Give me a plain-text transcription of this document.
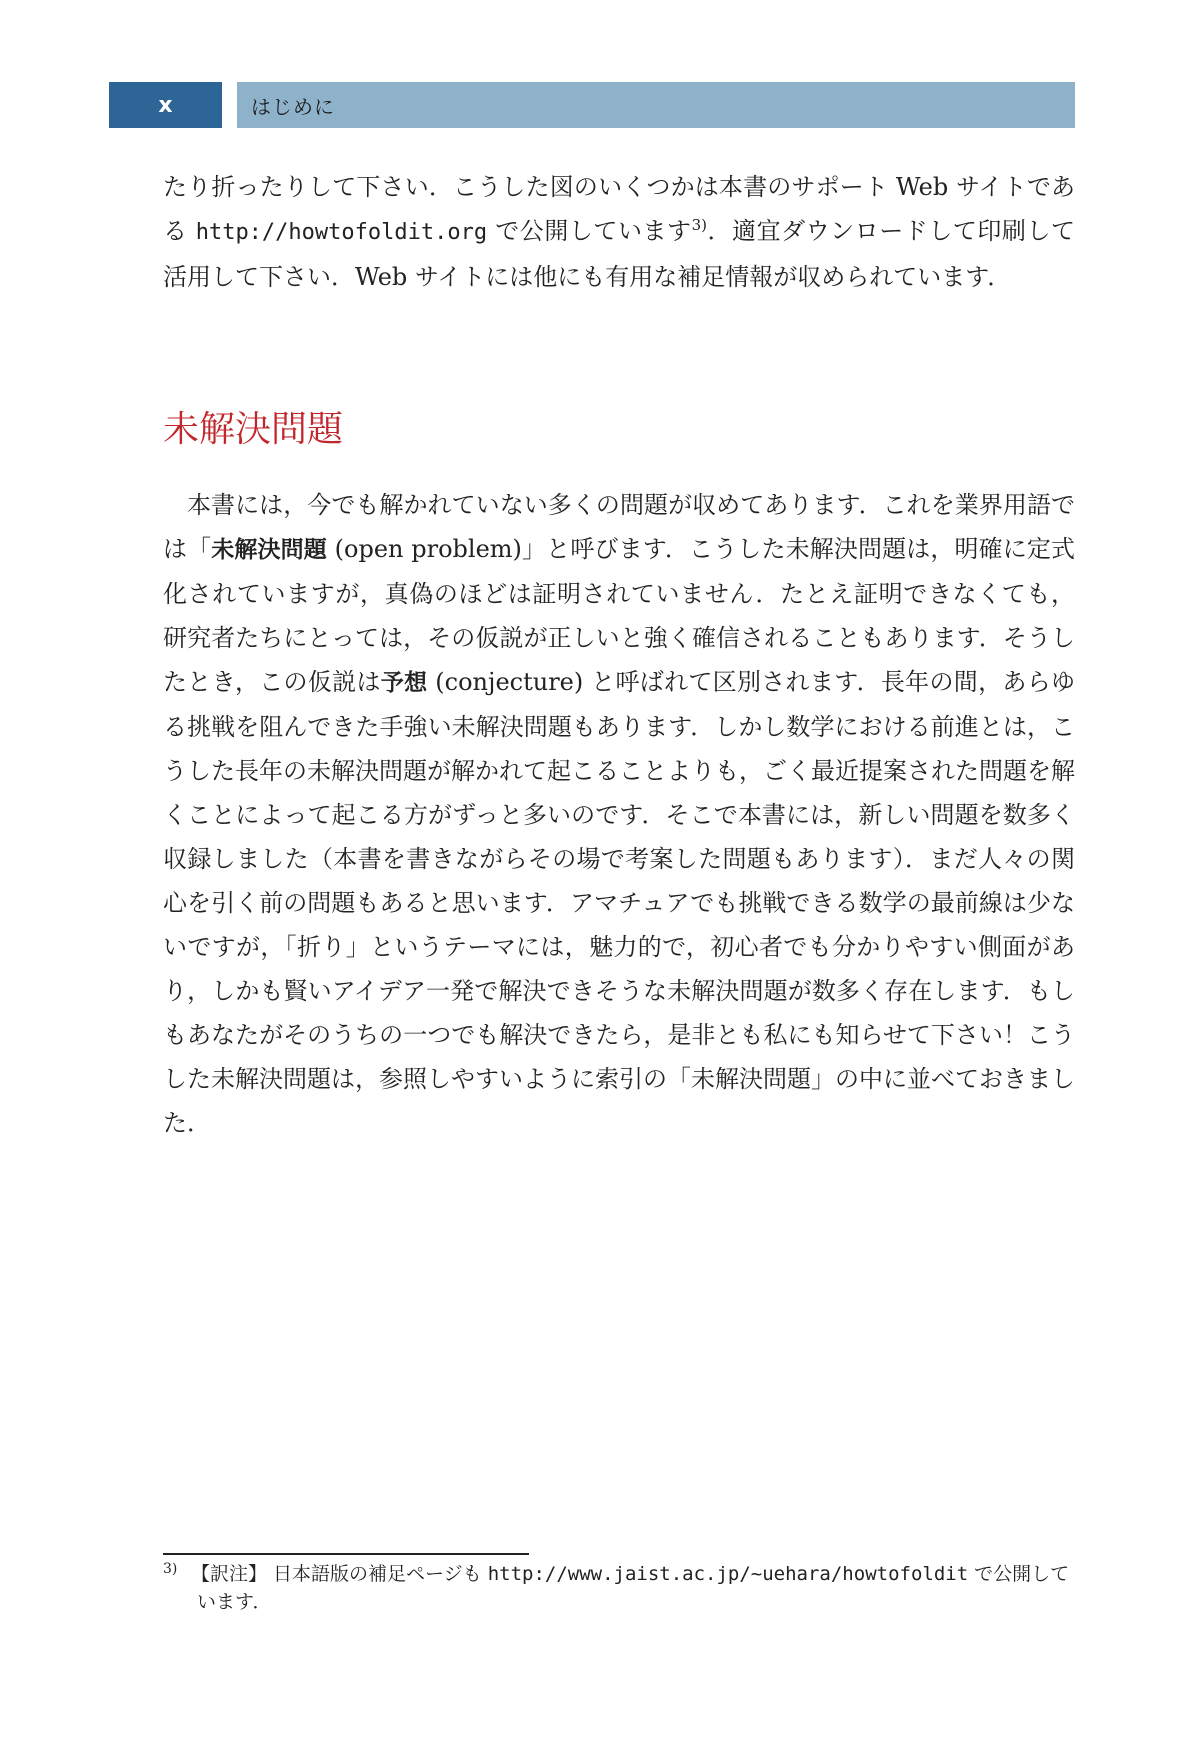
x	はじめに

たり折ったりして下さい．こうした図のいくつかは本書のサポート Web サイトである http://howtofoldit.org で公開しています$^{3)}$．適宜ダウンロードして印刷して活用して下さい．Web サイトには他にも有用な補足情報が収められています．

未解決問題

本書には，今でも解かれていない多くの問題が収めてあります．これを業界用語では「未解決問題 (open problem)」と呼びます．こうした未解決問題は，明確に定式化されていますが，真偽のほどは証明されていません．たとえ証明できなくても，研究者たちにとっては，その仮説が正しいと強く確信されることもあります．そうしたとき，この仮説は予想 (conjecture) と呼ばれて区別されます．長年の間，あらゆる挑戦を阻んできた手強い未解決問題もあります．しかし数学における前進とは，こうした長年の未解決問題が解かれて起こることよりも，ごく最近提案された問題を解くことによって起こる方がずっと多いのです．そこで本書には，新しい問題を数多く収録しました（本書を書きながらその場で考案した問題もあります）．まだ人々の関心を引く前の問題もあると思います．アマチュアでも挑戦できる数学の最前線は少ないですが，「折り」というテーマには，魅力的で，初心者でも分かりやすい側面があり，しかも賢いアイデア一発で解決できそうな未解決問題が数多く存在します．もしもあなたがそのうちの一つでも解決できたら，是非とも私にも知らせて下さい！こうした未解決問題は，参照しやすいように索引の「未解決問題」の中に並べておきました．

3) 【訳注】 日本語版の補足ページも http://www.jaist.ac.jp/~uehara/howtofoldit で公開しています．
